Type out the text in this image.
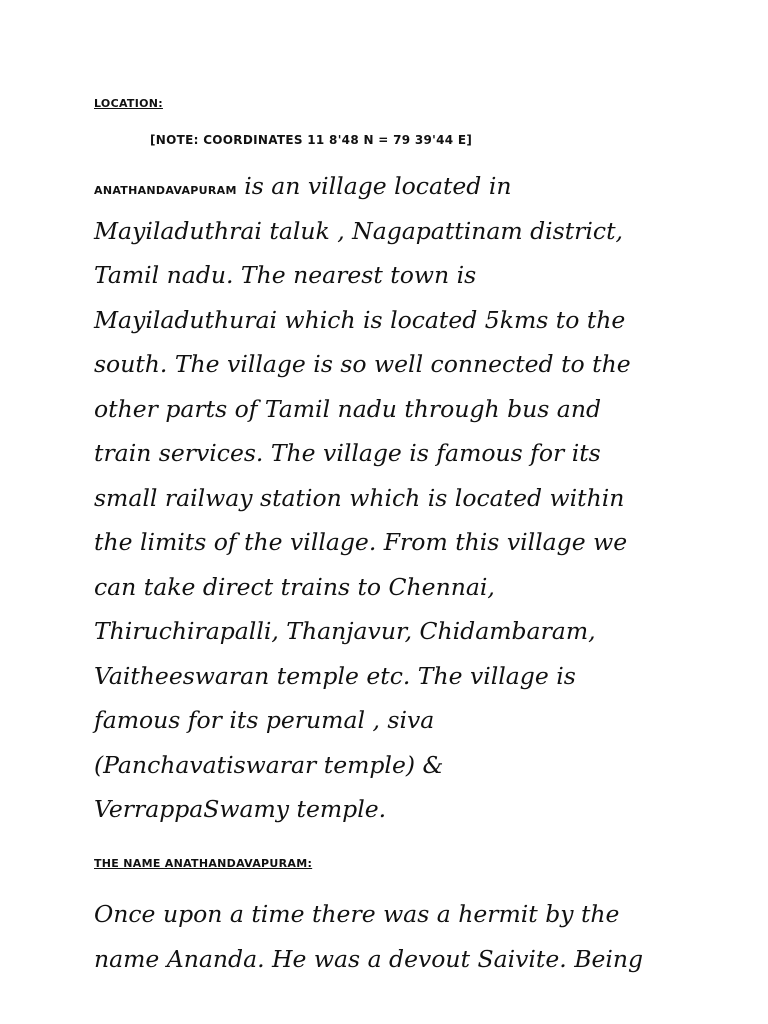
LOCATION:
[NOTE: COORDINATES 11 8'48 N = 79 39'44 E]
ANATHANDAVAPURAM is an village located in
Mayiladuthrai taluk , Nagapattinam district,
Tamil nadu. The nearest town is
Mayiladuthurai which is located 5kms to the
south. The village is so well connected to the
other parts of Tamil nadu through bus and
train services. The village is famous for its
small railway station which is located within
the limits of the village. From this village we
can take direct trains to Chennai,
Thiruchirapalli, Thanjavur, Chidambaram,
Vaitheeswaran temple etc. The village is
famous for its perumal , siva
(Panchavatiswarar temple) &
VerrappaSwamy temple.
THE NAME ANATHANDAVAPURAM:
Once upon a time there was a hermit by the
name Ananda. He was a devout Saivite. Being
